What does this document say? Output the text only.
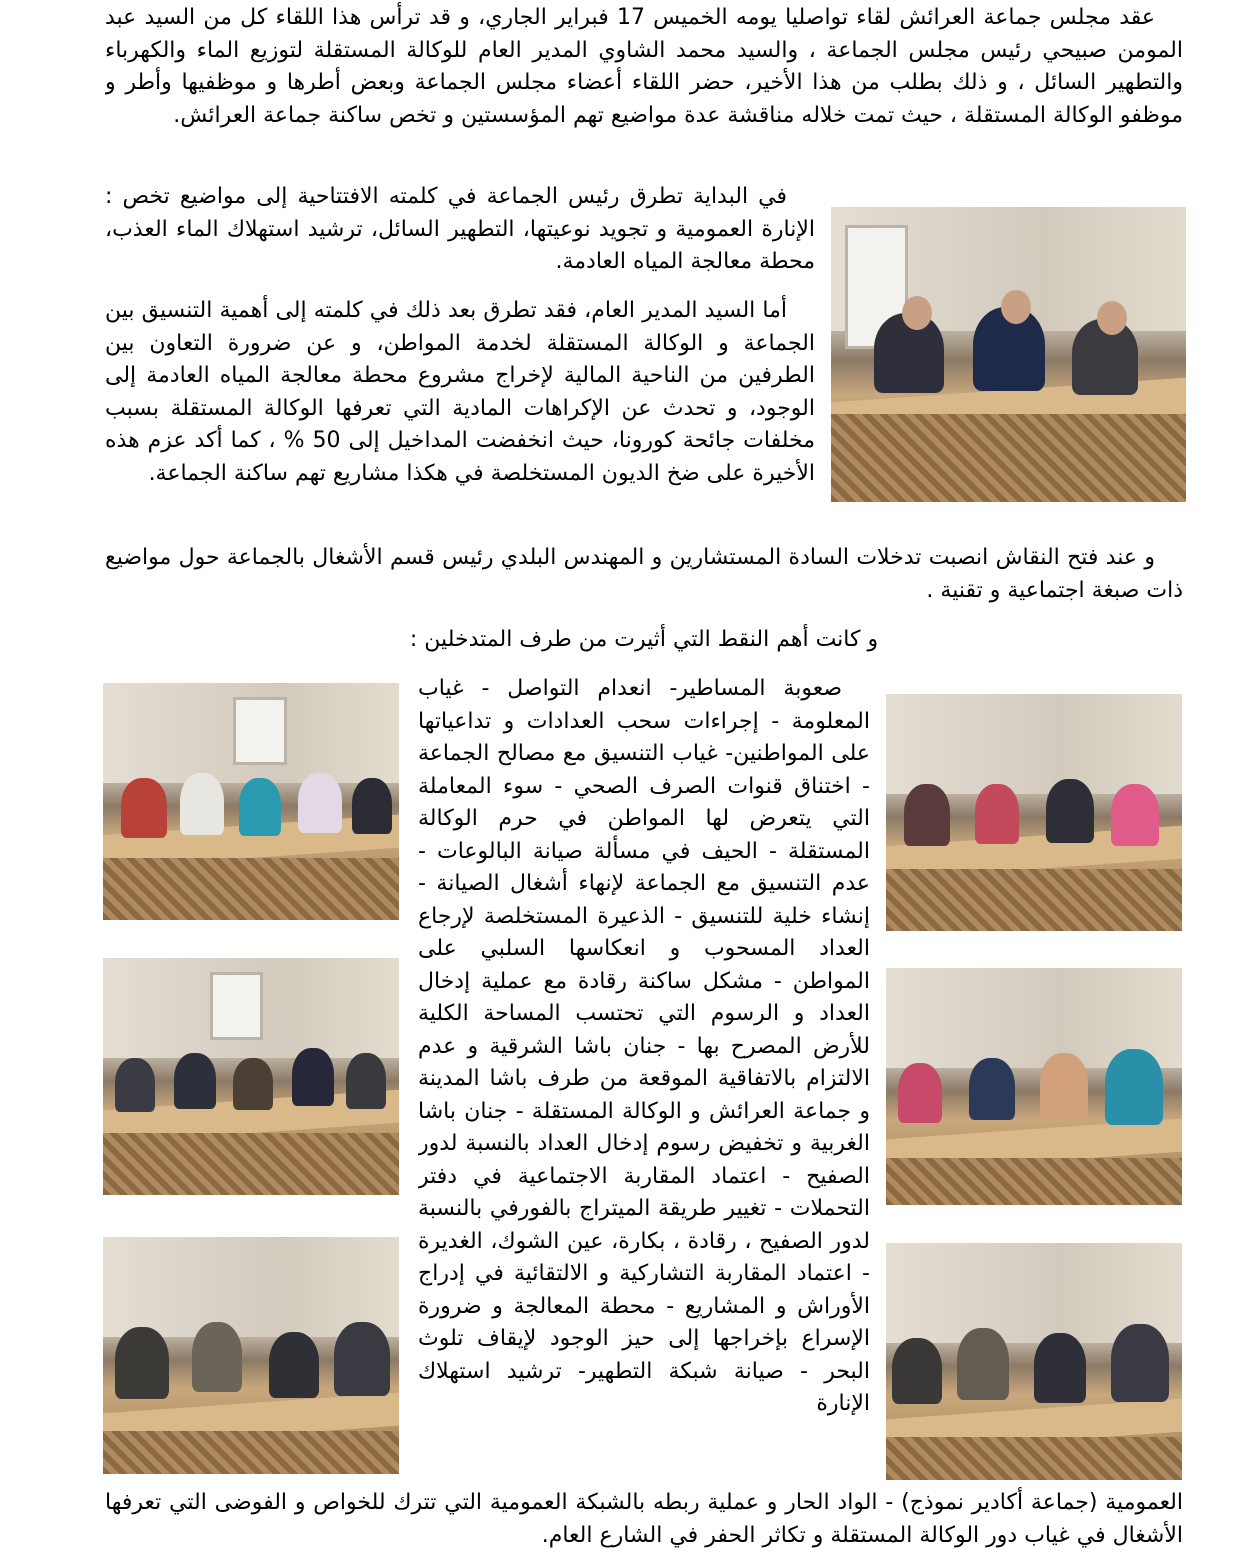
عقد مجلس جماعة العرائش لقاء تواصليا يومه الخميس 17 فبراير الجاري، و قد ترأس هذا اللقاء كل من السيد عبد المومن صبيحي رئيس مجلس الجماعة ، والسيد محمد الشاوي المدير العام للوكالة المستقلة لتوزيع الماء والكهرباء والتطهير السائل ، و ذلك بطلب من هذا الأخير، حضر اللقاء أعضاء مجلس الجماعة وبعض أطرها و موظفيها وأطر و موظفو الوكالة المستقلة ، حيث تمت خلاله مناقشة عدة مواضيع تهم المؤسستين و تخص ساكنة جماعة العرائش.

في البداية تطرق رئيس الجماعة في كلمته الافتتاحية إلى مواضيع تخص : الإنارة العمومية و تجويد نوعيتها، التطهير السائل، ترشيد استهلاك الماء العذب، محطة معالجة المياه العادمة.

أما السيد المدير العام، فقد تطرق بعد ذلك في كلمته إلى أهمية التنسيق بين الجماعة و الوكالة المستقلة لخدمة المواطن، و عن ضرورة التعاون بين الطرفين من الناحية المالية لإخراج مشروع محطة معالجة المياه العادمة إلى الوجود، و تحدث عن الإكراهات المادية التي تعرفها الوكالة المستقلة بسبب مخلفات جائحة كورونا، حيث انخفضت المداخيل إلى 50 % ، كما أكد عزم هذه الأخيرة على ضخ الديون المستخلصة في هكذا مشاريع تهم ساكنة الجماعة.

و عند فتح النقاش انصبت تدخلات السادة المستشارين و المهندس البلدي رئيس قسم الأشغال بالجماعة حول مواضيع ذات صبغة اجتماعية و تقنية .

و كانت أهم النقط التي أثيرت من طرف المتدخلين :

صعوبة المساطير- انعدام التواصل - غياب المعلومة - إجراءات سحب العدادات و تداعياتها على المواطنين- غياب التنسيق مع مصالح الجماعة - اختناق قنوات الصرف الصحي - سوء المعاملة التي يتعرض لها المواطن في حرم الوكالة المستقلة - الحيف في مسألة صيانة البالوعات - عدم التنسيق مع الجماعة لإنهاء أشغال الصيانة - إنشاء خلية للتنسيق - الذعيرة المستخلصة لإرجاع العداد المسحوب و انعكاسها السلبي على المواطن - مشكل ساكنة رقادة مع عملية إدخال العداد و الرسوم التي تحتسب المساحة الكلية للأرض المصرح بها - جنان باشا الشرقية و عدم الالتزام بالاتفاقية الموقعة من طرف باشا المدينة و جماعة العرائش و الوكالة المستقلة - جنان باشا الغربية و تخفيض رسوم إدخال العداد بالنسبة لدور الصفيح - اعتماد المقاربة الاجتماعية في دفتر التحملات - تغيير طريقة الميتراج بالفورفي بالنسبة لدور الصفيح ، رقادة ، بكارة، عين الشوك، الغديرة - اعتماد المقاربة التشاركية و الالتقائية في إدراج الأوراش و المشاريع - محطة المعالجة و ضرورة الإسراع بإخراجها إلى حيز الوجود لإيقاف تلوث البحر - صيانة شبكة التطهير- ترشيد استهلاك الإنارة

العمومية (جماعة أكادير نموذج) - الواد الحار و عملية ربطه بالشبكة العمومية التي تترك للخواص و الفوضى التي تعرفها الأشغال في غياب دور الوكالة المستقلة و تكاثر الحفر في الشارع العام.
